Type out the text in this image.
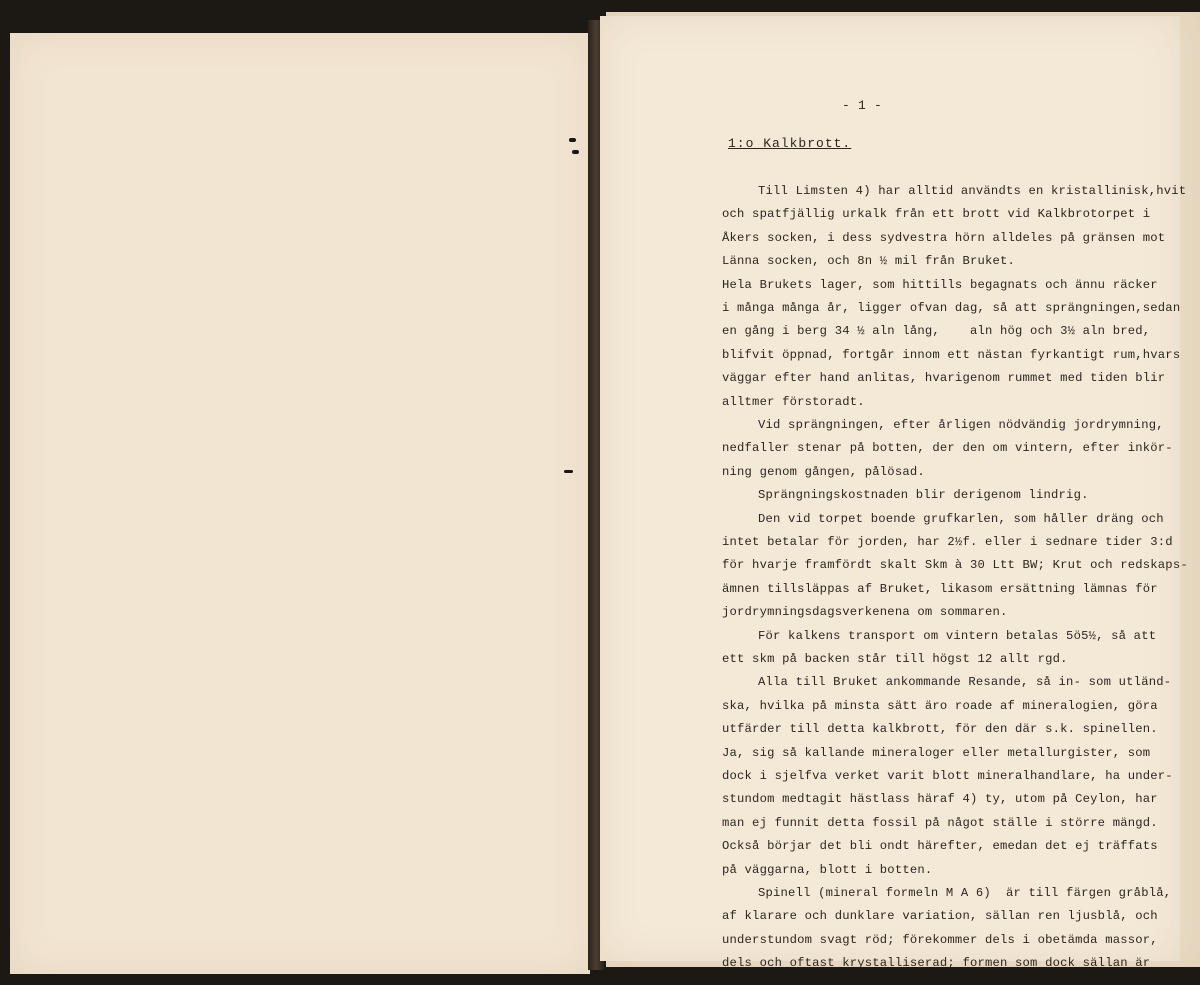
- 1 -
1:o Kalkbrott.
Till Limsten 4) har alltid användts en kristallinisk,hvit
och spatfjällig urkalk från ett brott vid Kalkbrotorpet i
Åkers socken, i dess sydvestra hörn alldeles på gränsen mot
Länna socken, och 8n ½ mil från Bruket.
Hela Brukets lager, som hittills begagnats och ännu räcker
i många många år, ligger ofvan dag, så att sprängningen,sedan
en gång i berg 34 ½ aln lång,    aln hög och 3½ aln bred,
blifvit öppnad, fortgår innom ett nästan fyrkantigt rum,hvars
väggar efter hand anlitas, hvarigenom rummet med tiden blir
alltmer förstoradt.
Vid sprängningen, efter årligen nödvändig jordrymning,
nedfaller stenar på botten, der den om vintern, efter inkör-
ning genom gången, pålösad.
Sprängningskostnaden blir derigenom lindrig.
Den vid torpet boende grufkarlen, som håller dräng och
intet betalar för jorden, har 2½f. eller i sednare tider 3:d
för hvarje framfördt skalt Skm à 30 Ltt BW; Krut och redskaps-
ämnen tillsläppas af Bruket, likasom ersättning lämnas för
jordrymningsdagsverkenena om sommaren.
För kalkens transport om vintern betalas 5ö5½, så att
ett skm på backen står till högst 12 allt rgd.
Alla till Bruket ankommande Resande, så in- som utländ-
ska, hvilka på minsta sätt äro roade af mineralogien, göra
utfärder till detta kalkbrott, för den där s.k. spinellen.
Ja, sig så kallande mineraloger eller metallurgister, som
dock i sjelfva verket varit blott mineralhandlare, ha under-
stundom medtagit hästlass häraf 4) ty, utom på Ceylon, har
man ej funnit detta fossil på något ställe i större mängd.
Också börjar det bli ondt härefter, emedan det ej träffats
på väggarna, blott i botten.
Spinell (mineral formeln M A 6)  är till färgen gråblå,
af klarare och dunklare variation, sällan ren ljusblå, och
understundom svagt röd; förekommer dels i obetämda massor,
dels och oftast krystalliserad; formen som dock sällan är
